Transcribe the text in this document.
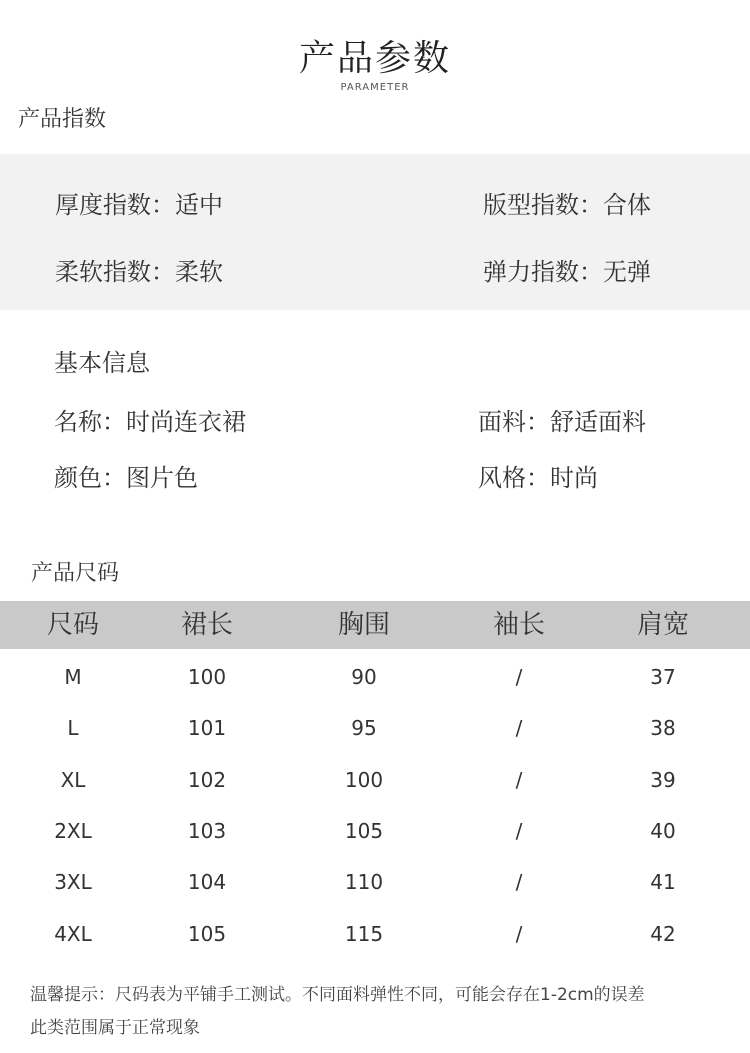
产品参数
PARAMETER
产品指数
厚度指数：适中	版型指数：合体
柔软指数：柔软	弹力指数：无弹
基本信息
名称：时尚连衣裙	面料：舒适面料
颜色：图片色	风格：时尚
产品尺码
尺码	裙长	胸围	袖长	肩宽
M	100	90	/	37
L	101	95	/	38
XL	102	100	/	39
2XL	103	105	/	40
3XL	104	110	/	41
4XL	105	115	/	42
温馨提示：尺码表为平铺手工测试。不同面料弹性不同，可能会存在1-2cm的误差
此类范围属于正常现象
